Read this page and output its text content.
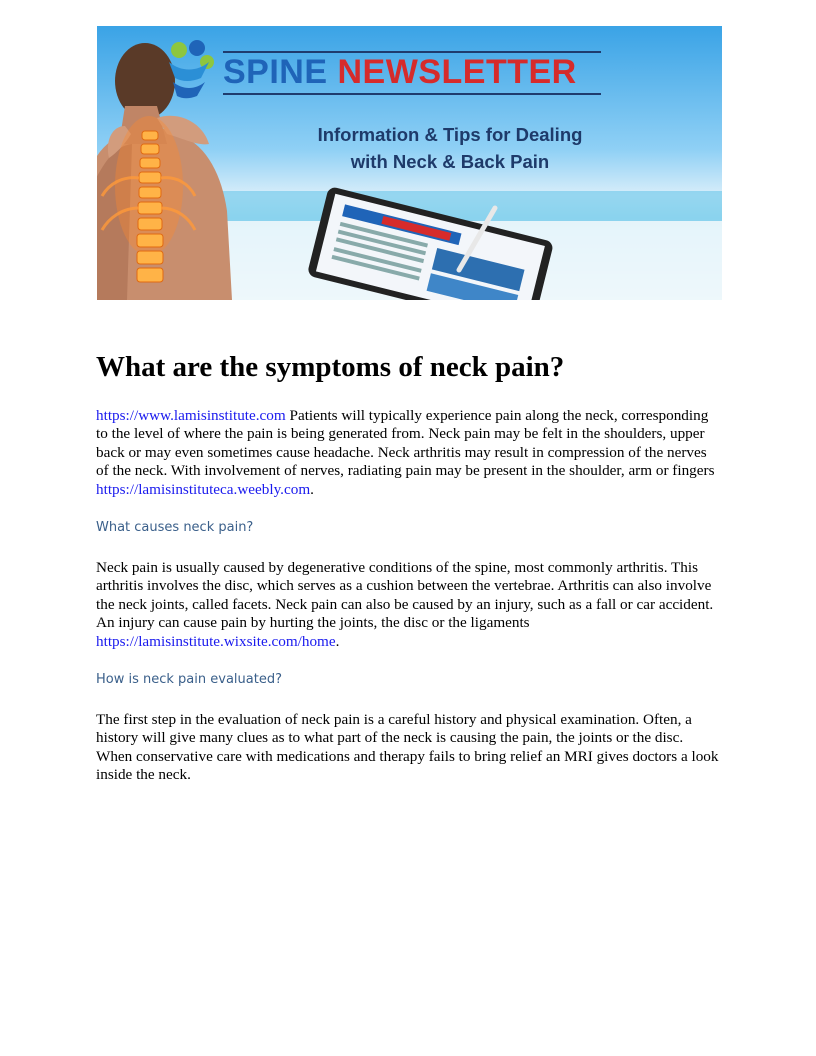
SPINE NEWSLETTER
Information & Tips for Dealing
with Neck & Back Pain
What are the symptoms of neck pain?

https://www.lamisinstitute.com Patients will typically experience pain along the neck, corresponding to the level of where the pain is being generated from. Neck pain may be felt in the shoulders, upper back or may even sometimes cause headache. Neck arthritis may result in compression of the nerves of the neck. With involvement of nerves, radiating pain may be present in the shoulder, arm or fingers https://lamisinstituteca.weebly.com.

What causes neck pain?

Neck pain is usually caused by degenerative conditions of the spine, most commonly arthritis. This arthritis involves the disc, which serves as a cushion between the vertebrae. Arthritis can also involve the neck joints, called facets. Neck pain can also be caused by an injury, such as a fall or car accident. An injury can cause pain by hurting the joints, the disc or the ligaments https://lamisinstitute.wixsite.com/home.

How is neck pain evaluated?

The first step in the evaluation of neck pain is a careful history and physical examination. Often, a history will give many clues as to what part of the neck is causing the pain, the joints or the disc. When conservative care with medications and therapy fails to bring relief an MRI gives doctors a look inside the neck.
